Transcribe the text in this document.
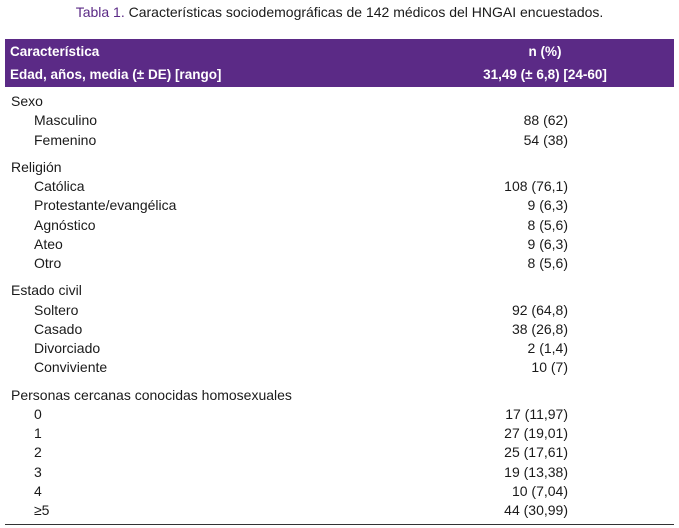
Tabla 1. Características sociodemográficas de 142 médicos del HNGAI encuestados.
Característica	n (%)
Edad, años, media (± DE) [rango]	31,49 (± 6,8) [24-60]
Sexo
Masculino	88 (62)
Femenino	54 (38)
Religión
Católica	108 (76,1)
Protestante/evangélica	9 (6,3)
Agnóstico	8 (5,6)
Ateo	9 (6,3)
Otro	8 (5,6)
Estado civil
Soltero	92 (64,8)
Casado	38 (26,8)
Divorciado	2 (1,4)
Conviviente	10 (7)
Personas cercanas conocidas homosexuales
0	17 (11,97)
1	27 (19,01)
2	25 (17,61)
3	19 (13,38)
4	10 (7,04)
≥5	44 (30,99)
